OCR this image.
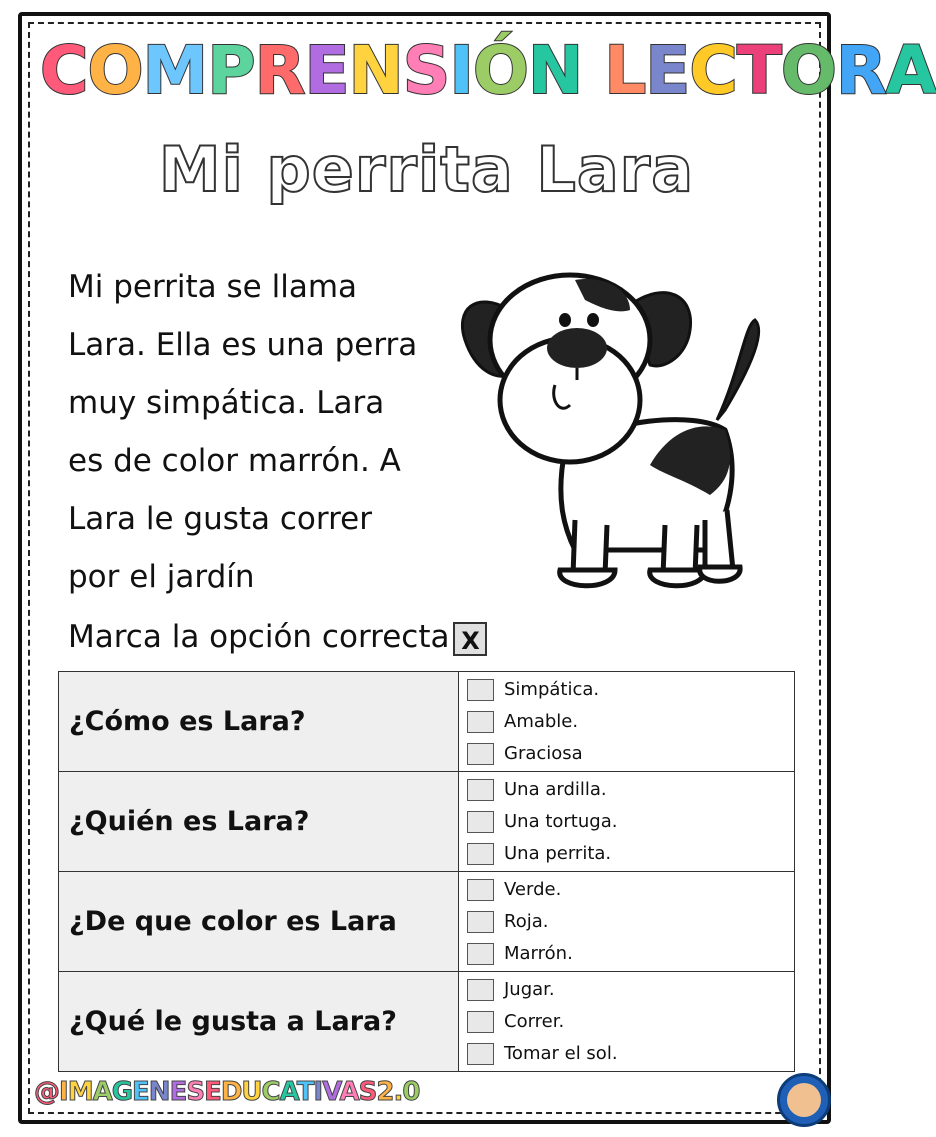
COMPRENSIÓN LECTORA
Mi perrita Lara
Mi perrita se llama
Lara. Ella es una perra
muy simpática. Lara
es de color marrón. A
Lara le gusta correr
por el jardín
Marca la opción correcta X
¿Cómo es Lara?	Simpática.
Amable.
Graciosa

¿Quién es Lara?	Una ardilla.
Una tortuga.
Una perrita.

¿De que color es Lara	Verde.
Roja.
Marrón.

¿Qué le gusta a Lara?	Jugar.
Correr.
Tomar el sol.
@IMAGENESEDUCATIVAS2.0
